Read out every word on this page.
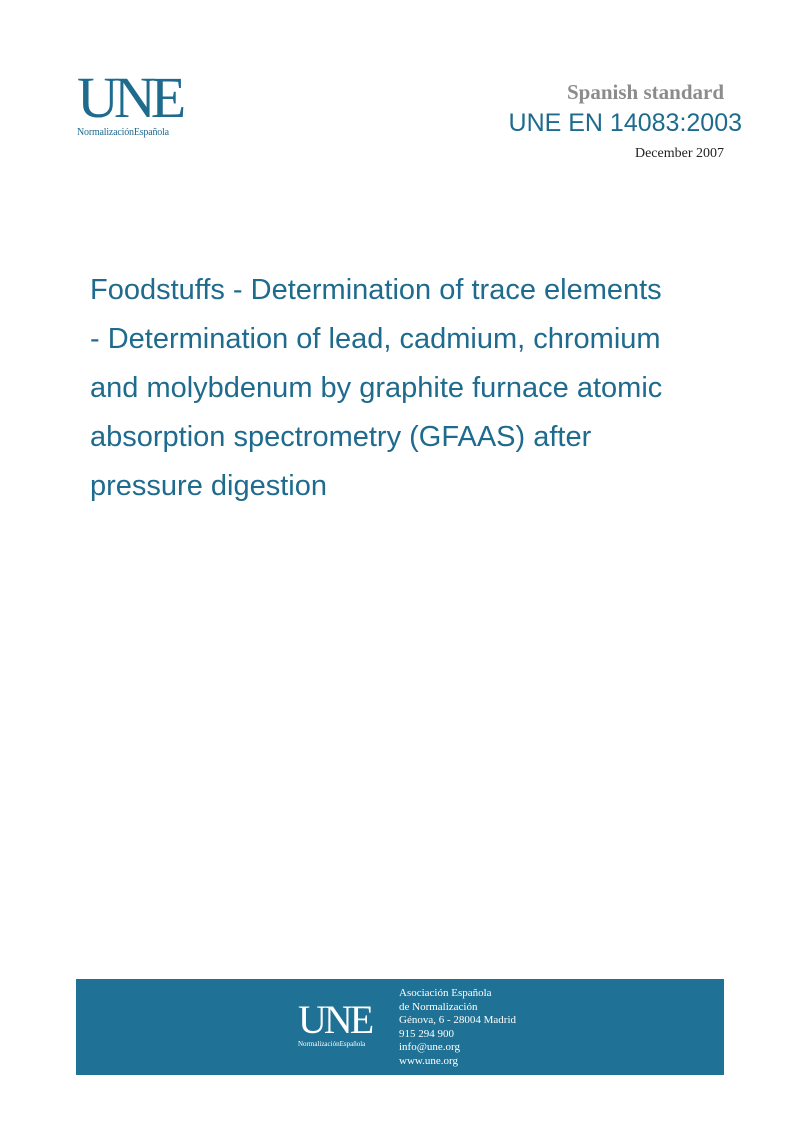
UNE
NormalizaciónEspañola
Spanish standard
UNE EN 14083:2003
December 2007
Foodstuffs - Determination of trace elements
- Determination of lead, cadmium, chromium
and molybdenum by graphite furnace atomic
absorption spectrometry (GFAAS) after
pressure digestion
UNE
NormalizaciónEspañola
Asociación Española
de Normalización
Génova, 6 - 28004 Madrid
915 294 900
info@une.org
www.une.org
